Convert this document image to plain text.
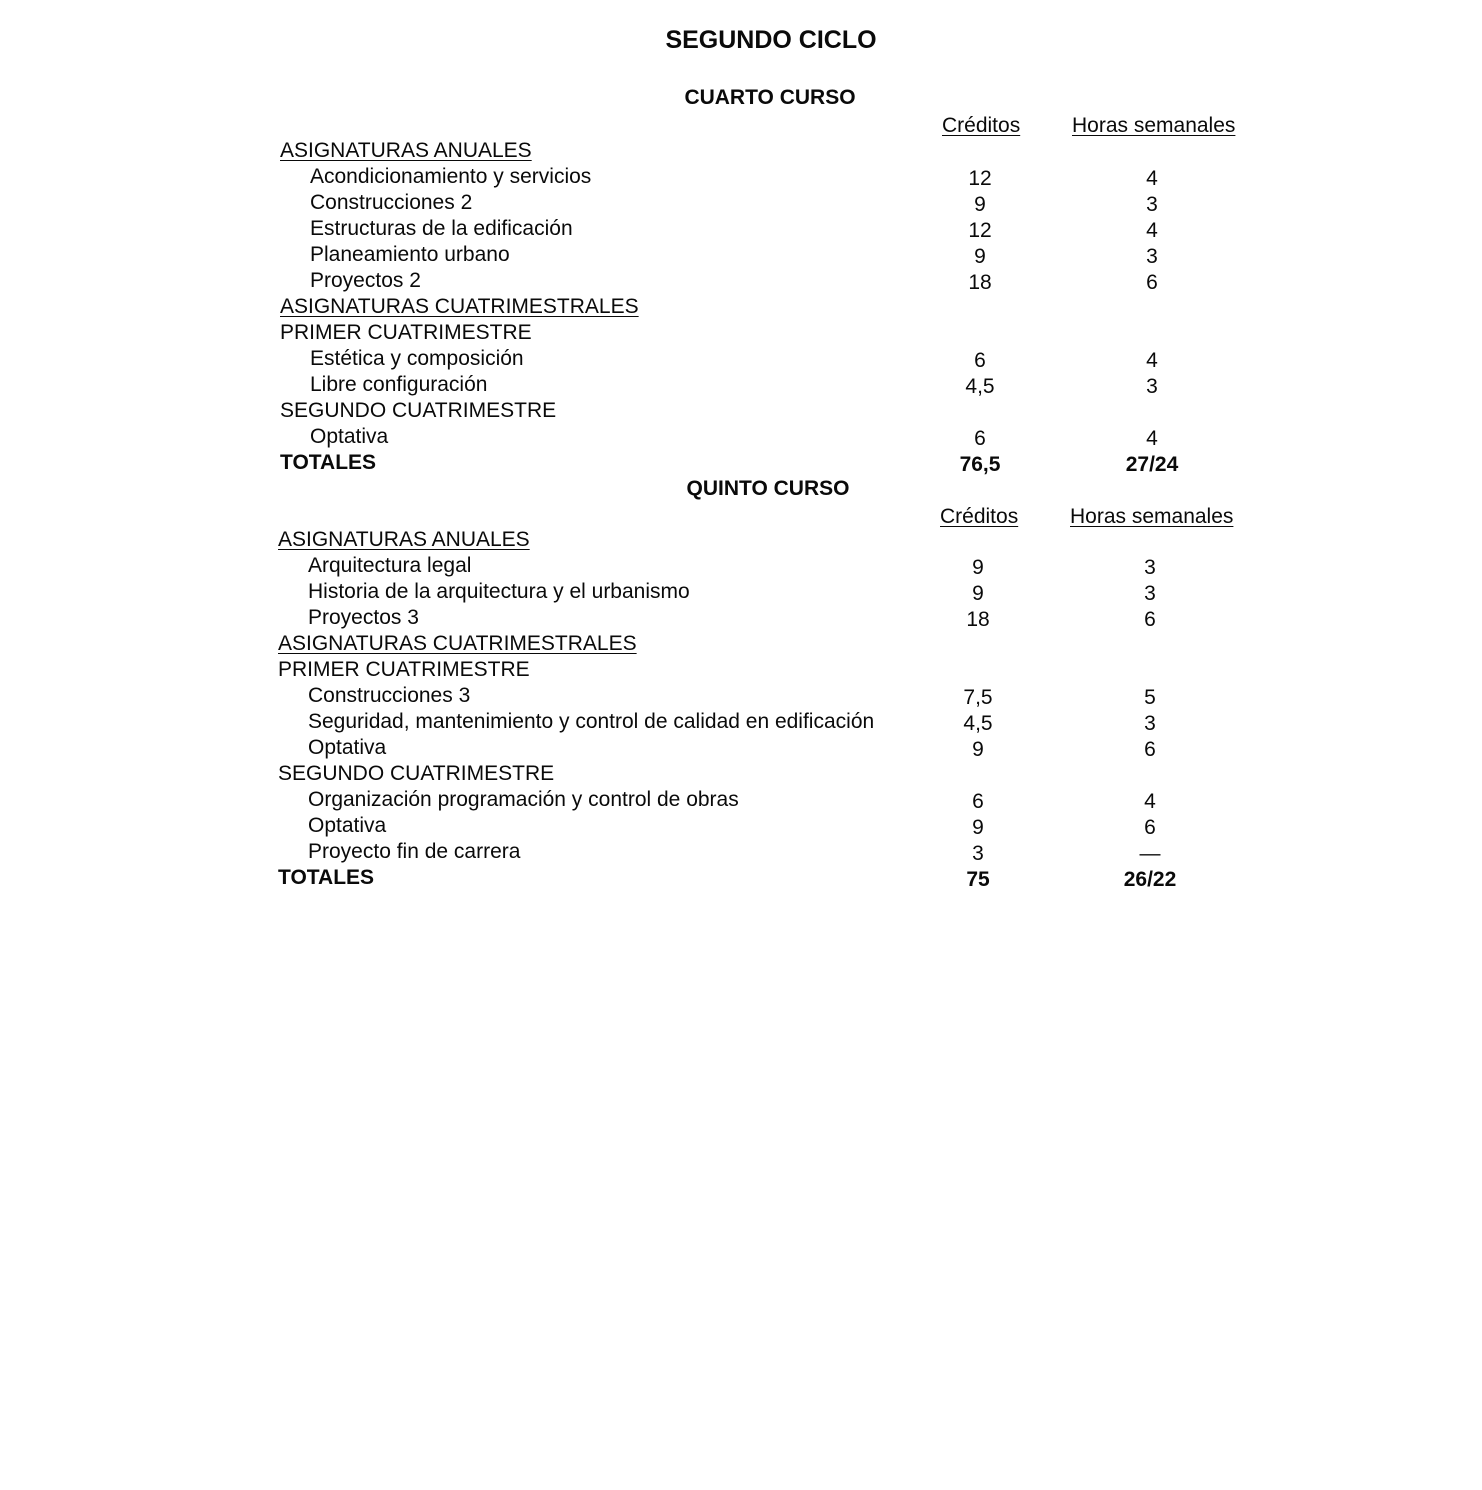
SEGUNDO CICLO
CUARTO CURSO
Créditos Horas semanales
ASIGNATURAS ANUALES
Acondicionamiento y servicios	12	4
Construcciones 2	9	3
Estructuras de la edificación	12	4
Planeamiento urbano	9	3
Proyectos 2	18	6
ASIGNATURAS CUATRIMESTRALES
PRIMER CUATRIMESTRE
Estética y composición	6	4
Libre configuración	4,5	3
SEGUNDO CUATRIMESTRE
Optativa	6	4
TOTALES	76,5	27/24
QUINTO CURSO
Créditos Horas semanales
ASIGNATURAS ANUALES
Arquitectura legal	9	3
Historia de la arquitectura y el urbanismo	9	3
Proyectos 3	18	6
ASIGNATURAS CUATRIMESTRALES
PRIMER CUATRIMESTRE
Construcciones 3	7,5	5
Seguridad, mantenimiento y control de calidad en edificación	4,5	3
Optativa	9	6
SEGUNDO CUATRIMESTRE
Organización programación y control de obras	6	4
Optativa	9	6
Proyecto fin de carrera	3	—
TOTALES	75	26/22
